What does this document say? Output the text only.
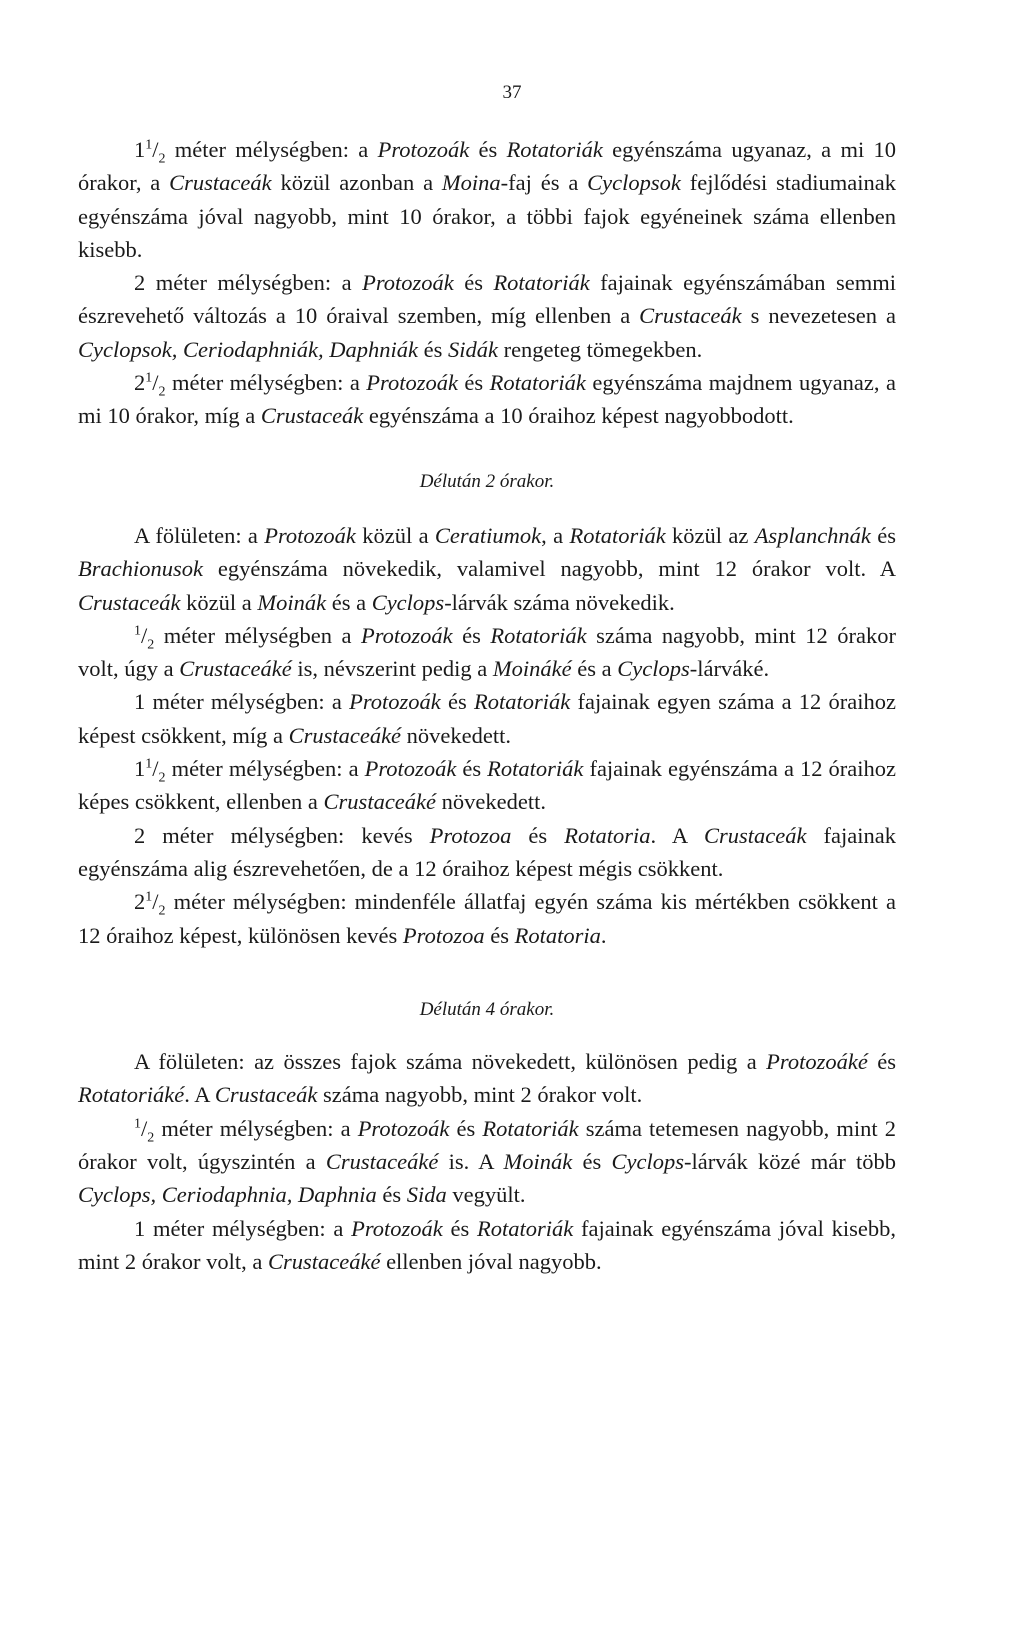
37

$1^1/_2$ méter mélységben: a Protozoák és Rotatoriák egyénszáma ugyanaz, a mi 10 órakor, a Crustaceák közül azonban a Moina-faj és a Cyclopsok fejlődési stadiumainak egyénszáma jóval nagyobb, mint 10 órakor, a többi fajok egyéneinek száma ellenben kisebb.

2 méter mélységben: a Protozoák és Rotatoriák fajainak egyénszámában semmi észrevehető változás a 10 óraival szemben, míg ellenben a Crustaceák s nevezetesen a Cyclopsok, Ceriodaphniák, Daphniák és Sidák rengeteg tömegekben.

$2^1/_2$ méter mélységben: a Protozoák és Rotatoriák egyénszáma majdnem ugyanaz, a mi 10 órakor, míg a Crustaceák egyénszáma a 10 óraihoz képest nagyobbodott.

Délután 2 órakor.

A fölületen: a Protozoák közül a Ceratiumok, a Rotatoriák közül az Asplanchnák és Brachionusok egyénszáma növekedik, valamivel nagyobb, mint 12 órakor volt. A Crustaceák közül a Moinák és a Cyclops-lárvák száma növekedik.

$^1/_2$ méter mélységben a Protozoák és Rotatoriák száma nagyobb, mint 12 órakor volt, úgy a Crustaceáké is, névszerint pedig a Moináké és a Cyclops-lárváké.

1 méter mélységben: a Protozoák és Rotatoriák fajainak egyen száma a 12 óraihoz képest csökkent, míg a Crustaceáké növekedett.

$1^1/_2$ méter mélységben: a Protozoák és Rotatoriák fajainak egyénszáma a 12 óraihoz képes csökkent, ellenben a Crustaceáké növekedett.

2 méter mélységben: kevés Protozoa és Rotatoria. A Crustaceák fajainak egyénszáma alig észrevehetően, de a 12 óraihoz képest mégis csökkent.

$2^1/_2$ méter mélységben: mindenféle állatfaj egyén száma kis mértékben csökkent a 12 óraihoz képest, különösen kevés Protozoa és Rotatoria.

Délután 4 órakor.

A fölületen: az összes fajok száma növekedett, különösen pedig a Protozoáké és Rotatoriáké. A Crustaceák száma nagyobb, mint 2 órakor volt.

$^1/_2$ méter mélységben: a Protozoák és Rotatoriák száma tetemesen nagyobb, mint 2 órakor volt, úgyszintén a Crustaceáké is. A Moinák és Cyclops-lárvák közé már több Cyclops, Ceriodaphnia, Daphnia és Sida vegyült.

1 méter mélységben: a Protozoák és Rotatoriák fajainak egyénszáma jóval kisebb, mint 2 órakor volt, a Crustaceáké ellenben jóval nagyobb.
